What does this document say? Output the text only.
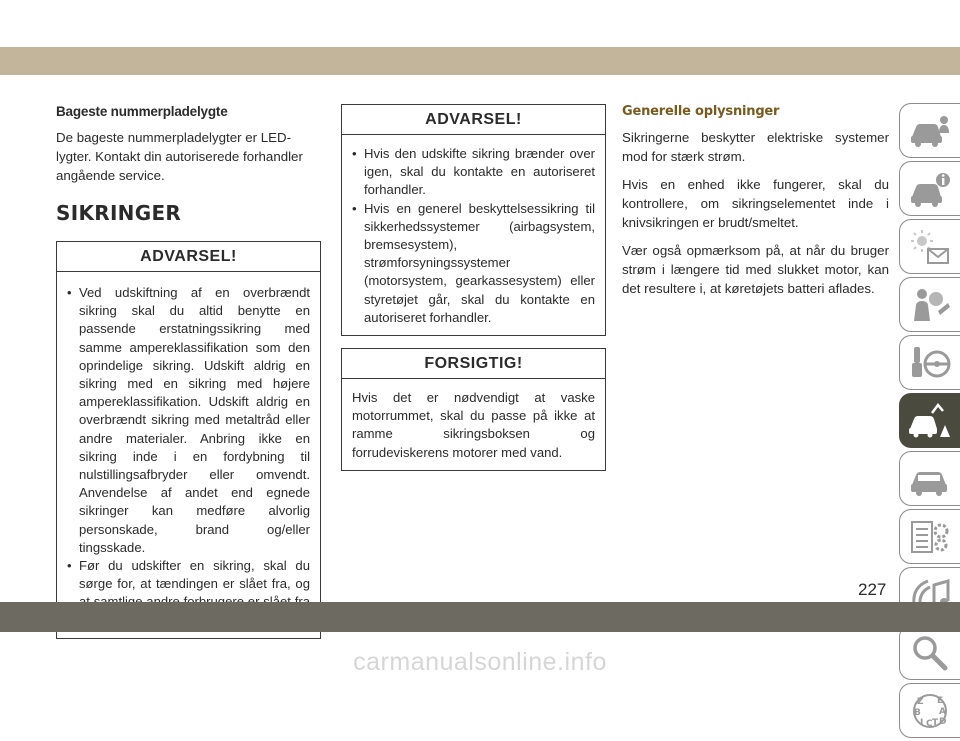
Bageste nummerpladelygte

De bageste nummerpladelygter er LED-lygter. Kontakt din autoriserede forhandler angående service.

SIKRINGER
ADVARSEL!
• Ved udskiftning af en overbrændt sikring skal du altid benytte en passende erstatningssikring med samme ampereklassifikation som den oprindelige sikring. Udskift aldrig en sikring med en sikring med højere ampereklassifikation. Udskift aldrig en overbrændt sikring med metaltråd eller andre materialer. Anbring ikke en sikring inde i en fordybning til nulstillingsafbryder eller omvendt. Anvendelse af andet end egnede sikringer kan medføre alvorlig personskade, brand og/eller tingsskade.
• Før du udskifter en sikring, skal du sørge for, at tændingen er slået fra, og
ADVARSEL!
• Hvis den udskifte sikring brænder over igen, skal du kontakte en autoriseret forhandler.
• Hvis en generel beskyttelsessikring til sikkerhedssystemer (airbagsystem, bremsesystem), strømforsyningssystemer (motorsystem, gearkassesystem) eller styretøjet går, skal du kontakte en autoriseret forhandler.
FORSIGTIG!

Hvis det er nødvendigt at vaske motorrummet, skal du passe på ikke at ramme sikringsboksen og forrudeviskerens motorer med vand.

Generelle oplysninger

Sikringerne beskytter elektriske systemer mod for stærk strøm.

Hvis en enhed ikke fungerer, skal du kontrollere, om sikringselementet inde i knivsikringen er brudt/smeltet.

Vær også opmærksom på, at når du bruger strøm i længere tid med slukket motor, kan det resultere i, at køretøjets batteri aflades.

Z E
B A
I C T D
227
carmanualsonline.info
